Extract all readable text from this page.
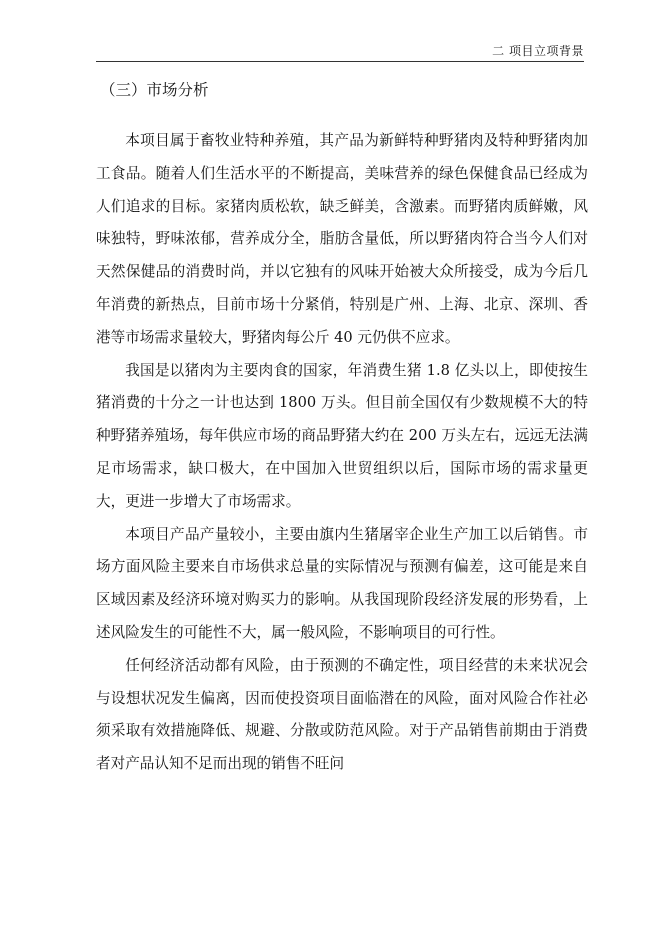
二 项目立项背景
（三）市场分析

本项目属于畜牧业特种养殖，其产品为新鲜特种野猪肉及特种野猪肉加工食品。随着人们生活水平的不断提高，美味营养的绿色保健食品已经成为人们追求的目标。家猪肉质松软，缺乏鲜美，含激素。而野猪肉质鲜嫩，风味独特，野味浓郁，营养成分全，脂肪含量低，所以野猪肉符合当今人们对天然保健品的消费时尚，并以它独有的风味开始被大众所接受，成为今后几年消费的新热点，目前市场十分紧俏，特别是广州、上海、北京、深圳、香港等市场需求量较大，野猪肉每公斤 40 元仍供不应求。

我国是以猪肉为主要肉食的国家，年消费生猪 1.8 亿头以上，即使按生猪消费的十分之一计也达到 1800 万头。但目前全国仅有少数规模不大的特种野猪养殖场，每年供应市场的商品野猪大约在 200 万头左右，远远无法满足市场需求，缺口极大，在中国加入世贸组织以后，国际市场的需求量更大，更进一步增大了市场需求。

本项目产品产量较小，主要由旗内生猪屠宰企业生产加工以后销售。市场方面风险主要来自市场供求总量的实际情况与预测有偏差，这可能是来自区域因素及经济环境对购买力的影响。从我国现阶段经济发展的形势看，上述风险发生的可能性不大，属一般风险，不影响项目的可行性。

任何经济活动都有风险，由于预测的不确定性，项目经营的未来状况会与设想状况发生偏离，因而使投资项目面临潜在的风险，面对风险合作社必须采取有效措施降低、规避、分散或防范风险。对于产品销售前期由于消费者对产品认知不足而出现的销售不旺问
